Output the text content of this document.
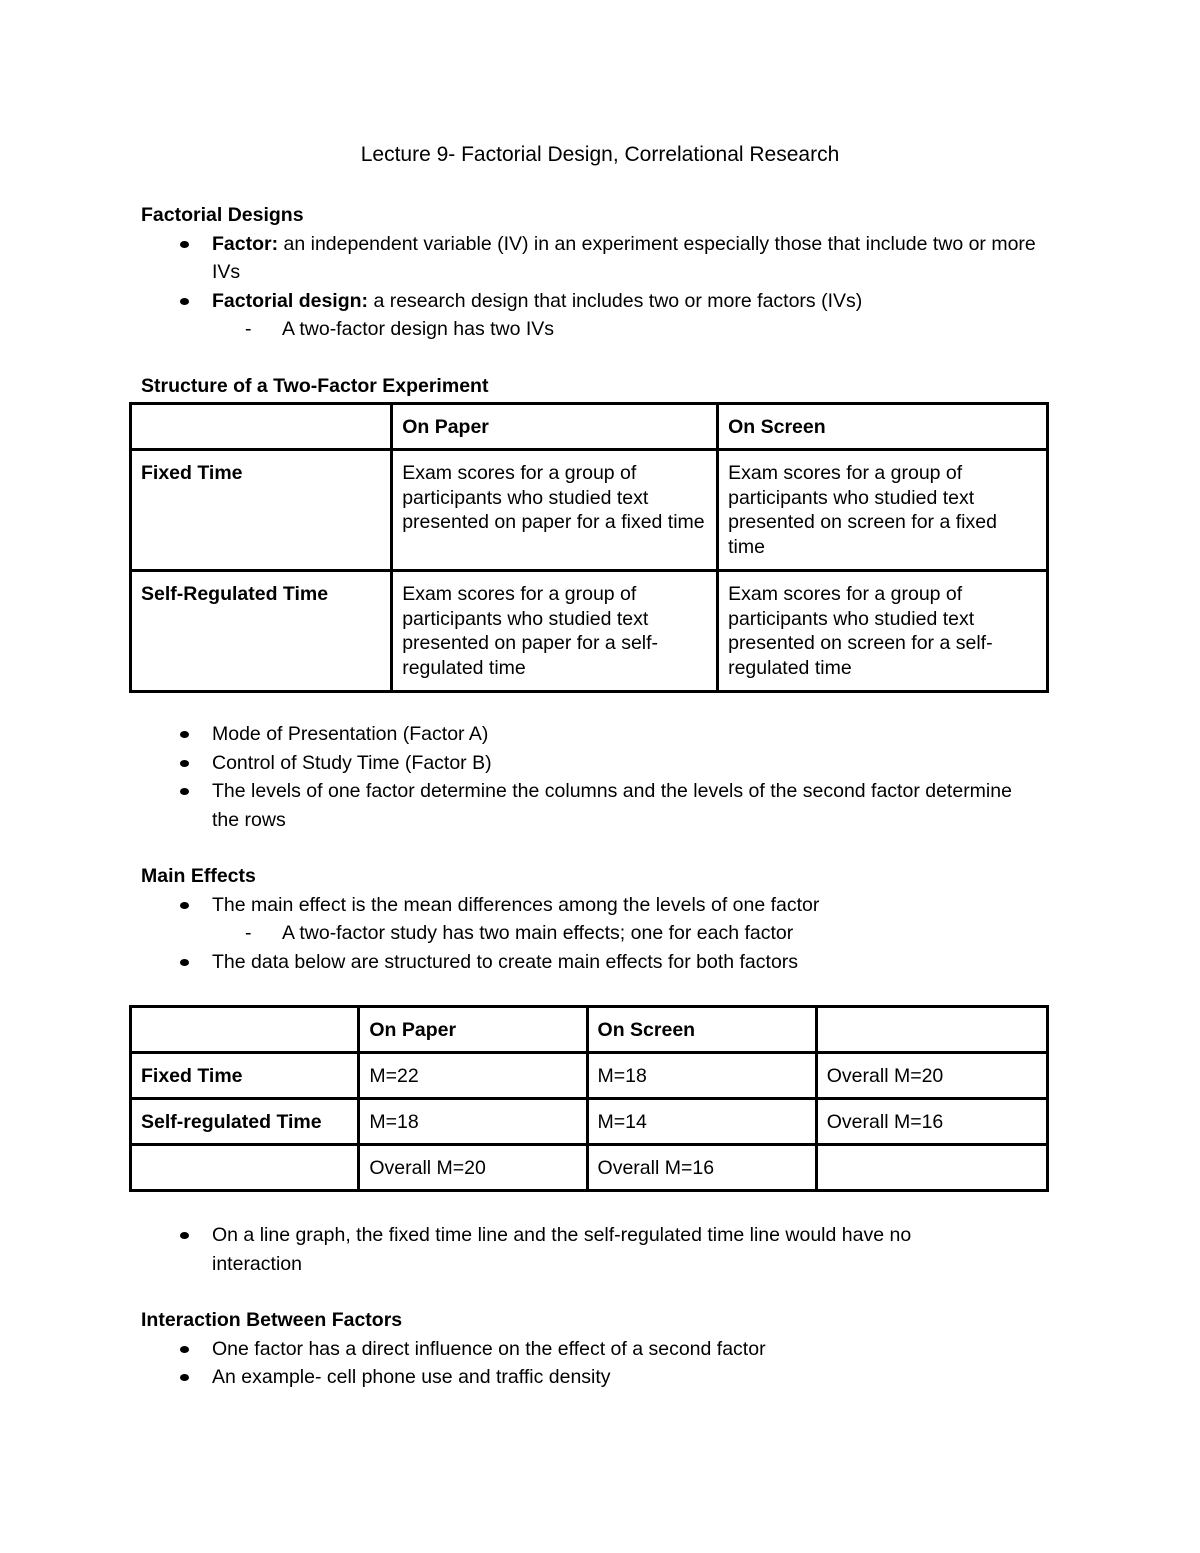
Lecture 9- Factorial Design, Correlational Research
Factorial Designs
Factor: an independent variable (IV) in an experiment especially those that include two or more IVs
Factorial design: a research design that includes two or more factors (IVs)
- A two-factor design has two IVs
Structure of a Two-Factor Experiment
	On Paper	On Screen
Fixed Time	Exam scores for a group of participants who studied text presented on paper for a fixed time	Exam scores for a group of participants who studied text presented on screen for a fixed time
Self-Regulated Time	Exam scores for a group of participants who studied text presented on paper for a self-regulated time	Exam scores for a group of participants who studied text presented on screen for a self-regulated time
Mode of Presentation (Factor A)
Control of Study Time (Factor B)
The levels of one factor determine the columns and the levels of the second factor determine the rows
Main Effects
The main effect is the mean differences among the levels of one factor
- A two-factor study has two main effects; one for each factor
The data below are structured to create main effects for both factors
	On Paper	On Screen	
Fixed Time	M=22	M=18	Overall M=20
Self-regulated Time	M=18	M=14	Overall M=16
	Overall M=20	Overall M=16	
On a line graph, the fixed time line and the self-regulated time line would have no interaction
Interaction Between Factors
One factor has a direct influence on the effect of a second factor
An example- cell phone use and traffic density
